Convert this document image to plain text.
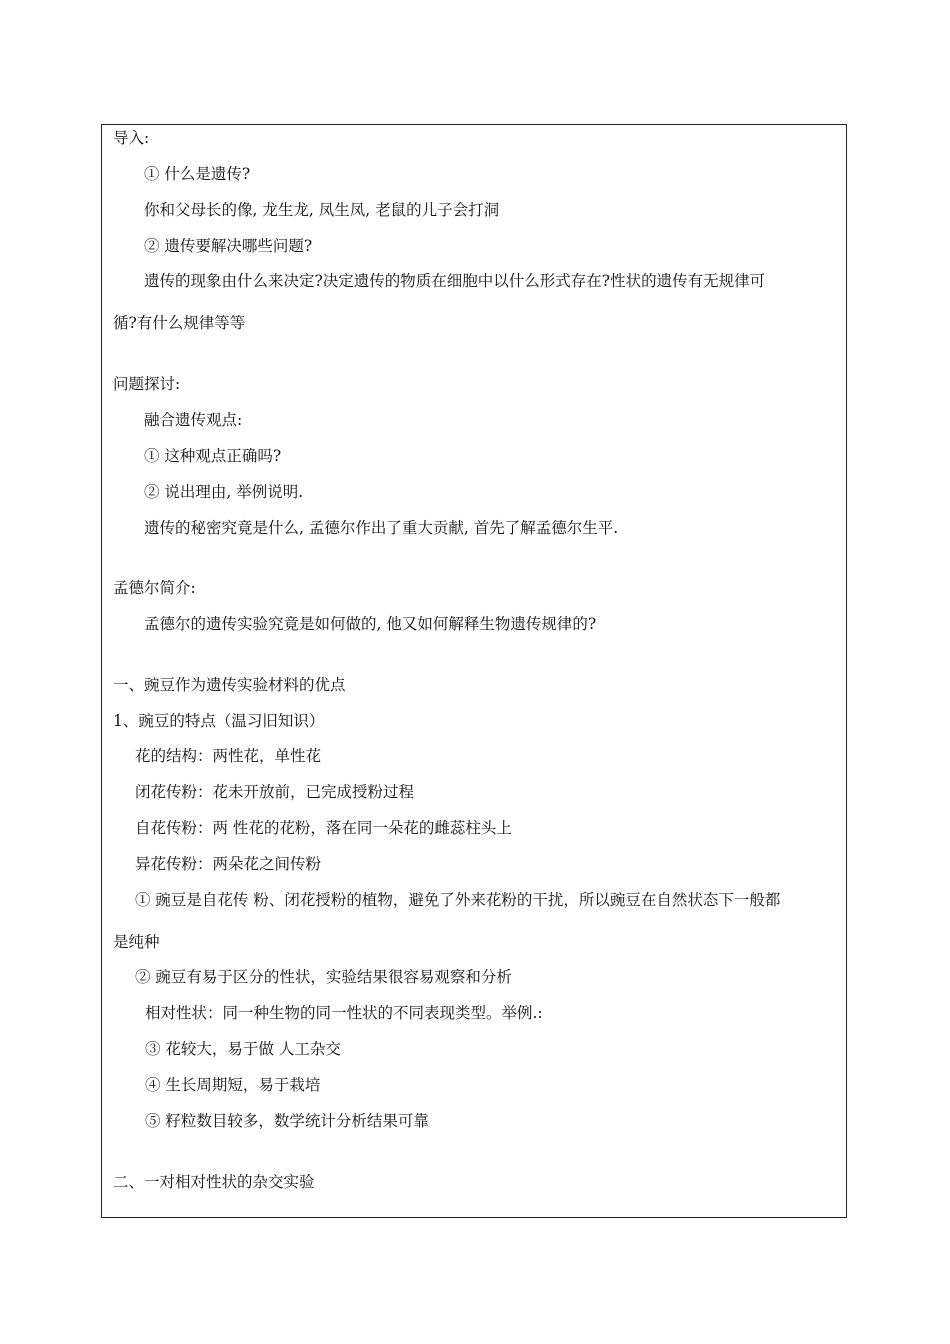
导入:
① 什么是遗传?
你和父母长的像, 龙生龙, 凤生凤, 老鼠的儿子会打洞
② 遗传要解决哪些问题?
遗传的现象由什么来决定?决定遗传的物质在细胞中以什么形式存在?性状的遗传有无规律可
循?有什么规律等等
问题探讨:
融合遗传观点:
① 这种观点正确吗?
② 说出理由, 举例说明.
遗传的秘密究竟是什么, 孟德尔作出了重大贡献, 首先了解孟德尔生平.
孟德尔简介:
孟德尔的遗传实验究竟是如何做的, 他又如何解释生物遗传规律的?
一、豌豆作为遗传实验材料的优点
1、豌豆的特点（温习旧知识）
花的结构：两性花，单性花
闭花传粉：花未开放前，已完成授粉过程
自花传粉：两 性花的花粉，落在同一朵花的雌蕊柱头上
异花传粉：两朵花之间传粉
① 豌豆是自花传 粉、闭花授粉的植物，避免了外来花粉的干扰，所以豌豆在自然状态下一般都
是纯种
② 豌豆有易于区分的性状，实验结果很容易观察和分析
相对性状：同一种生物的同一性状的不同表现类型。举例.:
③ 花较大，易于做 人工杂交
④ 生长周期短，易于栽培
⑤ 籽粒数目较多，数学统计分析结果可靠
二、一对相对性状的杂交实验
